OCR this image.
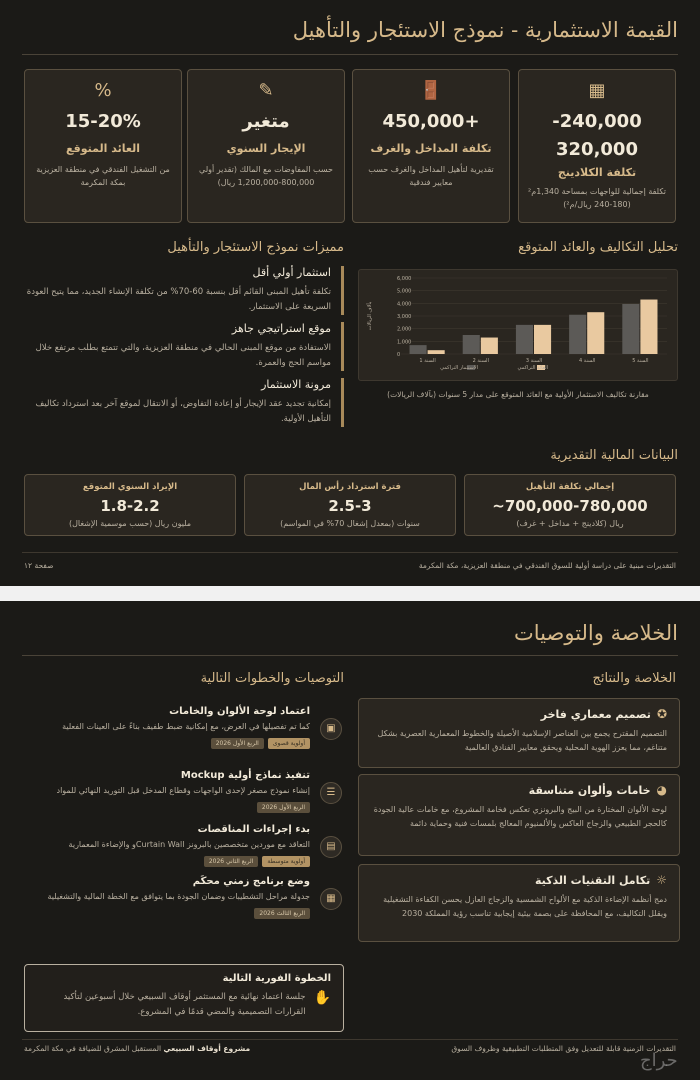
القيمة الاستثمارية - نموذج الاستئجار والتأهيل
▦
240,000-
320,000
تكلفة الكلادينج
تكلفة إجمالية للواجهات بمساحة 1,340م² (180-240 ريال/م²)
🚪
+450,000
تكلفة المداخل والغرف
تقديرية لتأهيل المداخل والغرف حسب معايير فندقية
✎
متغير
الإيجار السنوي
حسب المفاوضات مع المالك (تقدير أولي 800,000-1,200,000 ريال)
%
15-20%
العائد المتوقع
من التشغيل الفندقي في منطقة العزيزية بمكة المكرمة
تحليل التكاليف والعائد المتوقع
0
1,000
2,000
3,000
4,000
5,000
6,000
بآلاف الريالات
السنة 1	السنة 2	السنة 3	السنة 4	السنة 5
الاستثمار التراكمي	العائد التراكمي
مقارنة تكاليف الاستثمار الأولية مع العائد المتوقع على مدار 5 سنوات (بآلاف الريالات)
مميزات نموذج الاستئجار والتأهيل
استثمار أولي أقل
تكلفة تأهيل المبنى القائم أقل بنسبة 60-70% من تكلفة الإنشاء الجديد، مما يتيح العودة السريعة على الاستثمار.
موقع استراتيجي جاهز
الاستفادة من موقع المبنى الحالي في منطقة العزيزية، والتي تتمتع بطلب مرتفع خلال مواسم الحج والعمرة.
مرونة الاستثمار
إمكانية تجديد عقد الإيجار أو إعادة التفاوض، أو الانتقال لموقع آخر بعد استرداد تكاليف التأهيل الأولية.
البيانات المالية التقديرية
إجمالي تكلفة التأهيل
700,000-780,000~
ريال (كلادينج + مداخل + غرف)
فترة استرداد رأس المال
2.5-3
سنوات (بمعدل إشغال 70% في المواسم)
الإيراد السنوي المتوقع
1.8-2.2
مليون ريال (حسب موسمية الإشغال)
التقديرات مبنية على دراسة أولية للسوق الفندقي في منطقة العزيزية، مكة المكرمة
صفحة ١٢
الخلاصة والتوصيات
الخلاصة والنتائج
التوصيات والخطوات التالية
✪
تصميم معماري فاخر
التصميم المقترح يجمع بين العناصر الإسلامية الأصيلة والخطوط المعمارية العصرية بشكل متناغم، مما يعزز الهوية المحلية ويحقق معايير الفنادق العالمية
◕
خامات وألوان متناسقة
لوحة الألوان المختارة من البيج والبرونزي تعكس فخامة المشروع، مع خامات عالية الجودة كالحجر الطبيعي والزجاج العاكس والألمنيوم المعالج بلمسات فنية وحماية دائمة
☼
تكامل التقنيات الذكية
دمج أنظمة الإضاءة الذكية مع الألواح الشمسية والزجاج العازل يحسن الكفاءة التشغيلية ويقلل التكاليف، مع المحافظة على بصمة بيئية إيجابية تناسب رؤية المملكة 2030
▣
اعتماد لوحة الألوان والخامات
كما تم تفصيلها في العرض، مع إمكانية ضبط طفيف بناءً على العينات الفعلية
أولوية قصوى
الربع الأول 2026
☰
تنفيذ نماذج أولية Mockup
إنشاء نموذج مصغر لإحدى الواجهات وقطاع المدخل قبل التوريد النهائي للمواد
الربع الأول 2026
▤
بدء إجراءات المناقصات
التعاقد مع موردين متخصصين بالبرونز Curtain Wallو والإضاءة المعمارية
أولوية متوسطة
الربع الثاني 2026
▦
وضع برنامج زمني محكَم
جدولة مراحل التشطيبات وضمان الجودة بما يتوافق مع الخطة المالية والتشغيلية
الربع الثالث 2026
الخطوة الفورية التالية
✋
جلسة اعتماد نهائية مع المستثمر أوقاف السبيعي خلال أسبوعين لتأكيد القرارات التصميمية والمضي قدمًا في المشروع.
التقديرات الزمنية قابلة للتعديل وفق المتطلبات التطبيقية وظروف السوق
مشروع أوقاف السبيعي المستقبل المشرق للضيافة في مكة المكرمة
حراج
